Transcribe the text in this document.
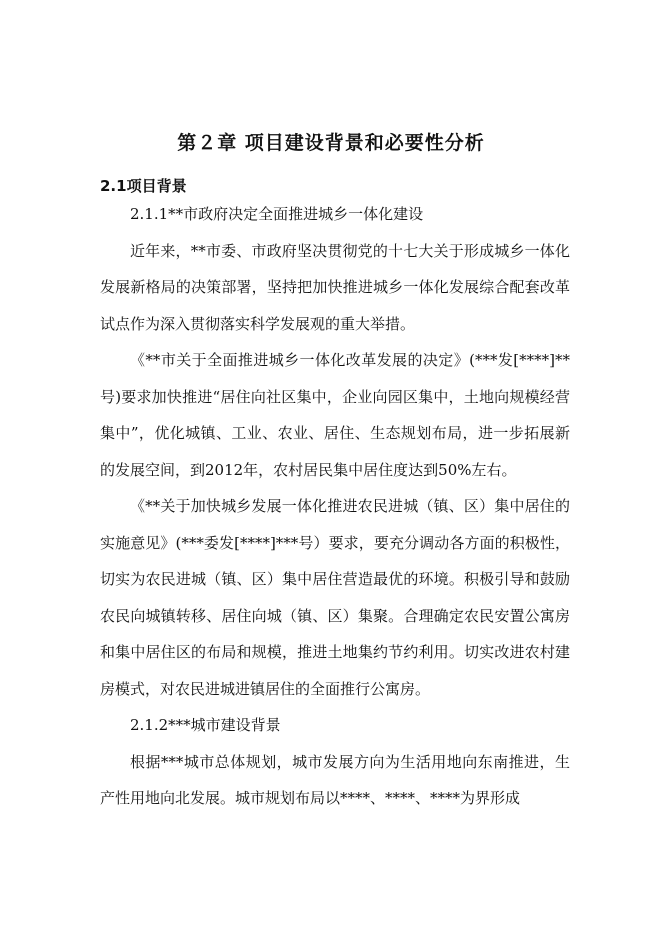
第２章 项目建设背景和必要性分析
2.1项目背景

2.1.1**市政府决定全面推进城乡一体化建设

近年来，**市委、市政府坚决贯彻党的十七大关于形成城乡一体化发展新格局的决策部署，坚持把加快推进城乡一体化发展综合配套改革试点作为深入贯彻落实科学发展观的重大举措。

《**市关于全面推进城乡一体化改革发展的决定》(***发[****]**号)要求加快推进“居住向社区集中，企业向园区集中，土地向规模经营集中”，优化城镇、工业、农业、居住、生态规划布局，进一步拓展新的发展空间，到2012年，农村居民集中居住度达到50%左右。

《**关于加快城乡发展一体化推进农民进城（镇、区）集中居住的实施意见》(***委发[****]***号）要求，要充分调动各方面的积极性，切实为农民进城（镇、区）集中居住营造最优的环境。积极引导和鼓励农民向城镇转移、居住向城（镇、区）集聚。合理确定农民安置公寓房和集中居住区的布局和规模，推进土地集约节约利用。切实改进农村建房模式，对农民进城进镇居住的全面推行公寓房。

2.1.2***城市建设背景

根据***城市总体规划，城市发展方向为生活用地向东南推进，生产性用地向北发展。城市规划布局以****、****、****为界形成
